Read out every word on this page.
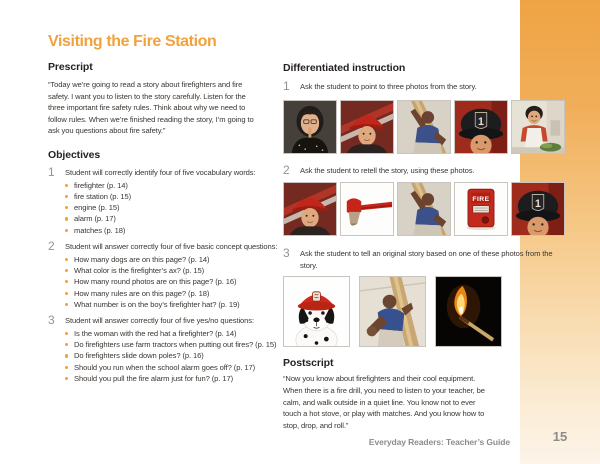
Visiting the Fire Station
Prescript
“Today we’re going to read a story about firefighters and fire
safety. I want you to listen to the story carefully. Listen for the
three important fire safety rules. Think about why we need to
follow rules. When we’re finished reading the story, I’m going to
ask you questions about fire safety.”
Objectives
1	Student will correctly identify four of five vocabulary words:
firefighter (p. 14)
fire station (p. 15)
engine (p. 15)
alarm (p. 17)
matches (p. 18)
2	Student will answer correctly four of five basic concept questions:
How many dogs are on this page? (p. 14)
What color is the firefighter’s ax? (p. 15)
How many round photos are on this page? (p. 16)
How many rules are on this page? (p. 18)
What number is on the boy’s firefighter hat? (p. 19)
3	Student will answer correctly four of five yes/no questions:
Is the woman with the red hat a firefighter? (p. 14)
Do firefighters use farm tractors when putting out fires? (p. 15)
Do firefighters slide down poles? (p. 16)
Should you run when the school alarm goes off? (p. 17)
Should you pull the fire alarm just for fun? (p. 17)
Differentiated instruction
1	Ask the student to point to three photos from the story.
1
2	Ask the student to retell the story, using these photos.
FIRE	1
3	Ask the student to tell an original story based on one of these photos from the story.
Postscript
“Now you know about firefighters and their cool equipment.
When there is a fire drill, you need to listen to your teacher, be
calm, and walk outside in a quiet line. You know not to ever
touch a hot stove, or play with matches. And you know how to
stop, drop, and roll.”
Everyday Readers: Teacher’s Guide	15
